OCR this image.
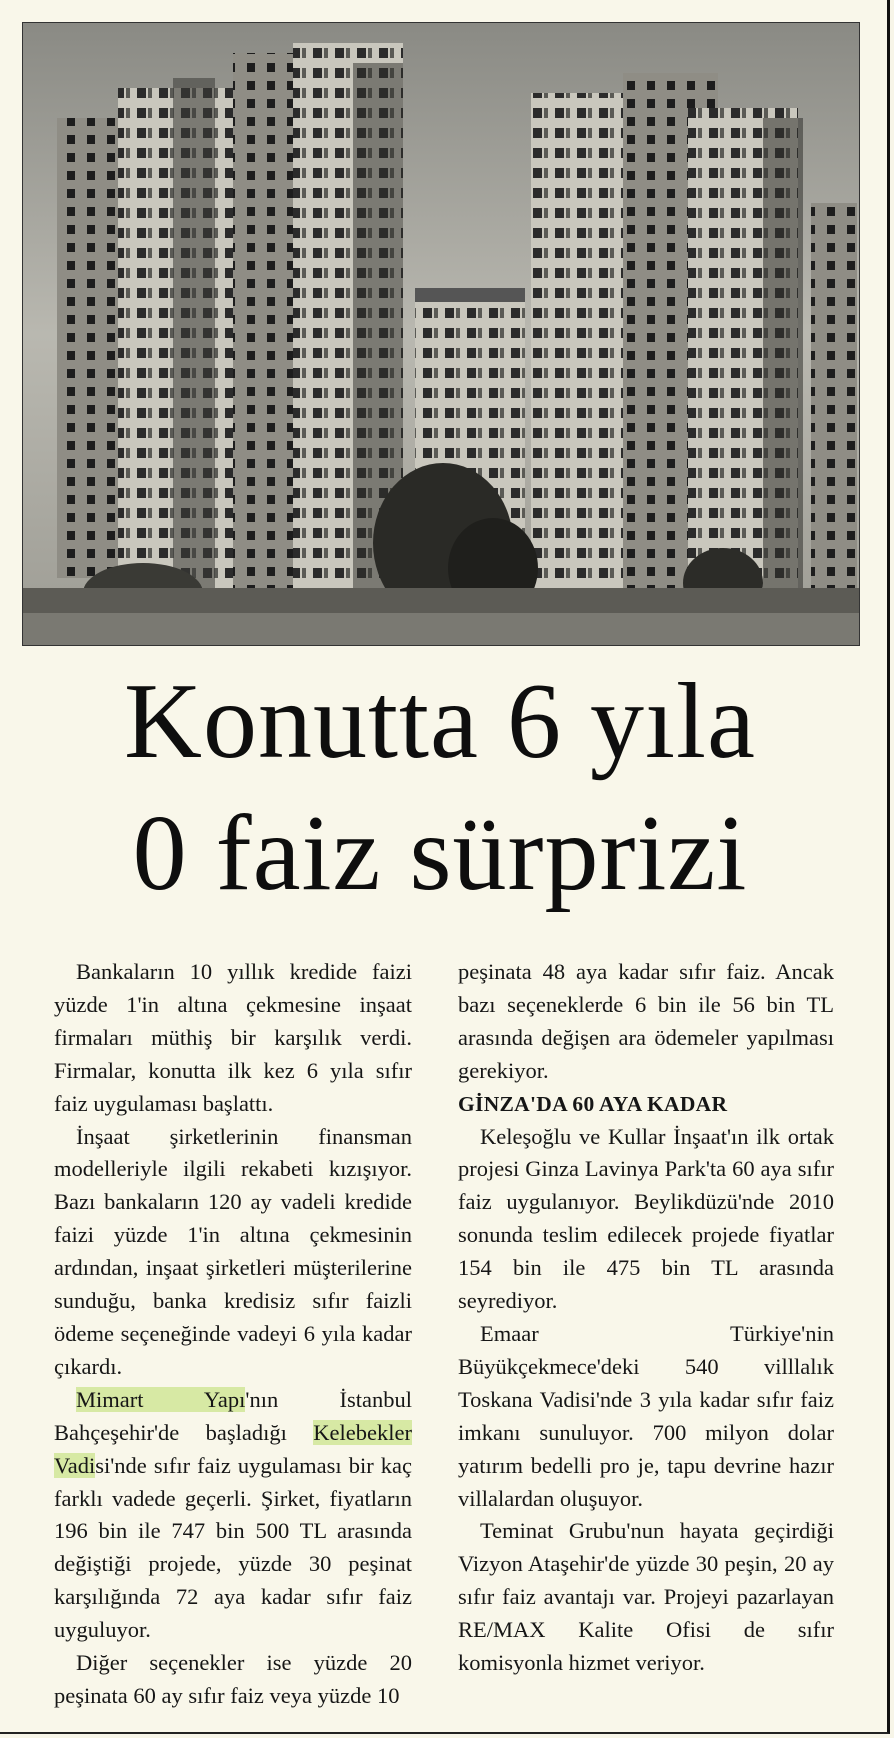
Konutta 6 yıla
0 faiz sürprizi

Bankaların 10 yıllık kredide faizi yüzde 1'in altına çekmesine inşaat firmaları müthiş bir karşılık verdi. Firmalar, konutta ilk kez 6 yıla sıfır faiz uygulaması başlattı.

İnşaat şirketlerinin finansman modelleriyle ilgili rekabeti kızışıyor. Bazı bankaların 120 ay vadeli kredide faizi yüzde 1'in altına çekmesinin ardından, inşaat şirketleri müşterilerine sunduğu, banka kredisiz sıfır faizli ödeme seçeneğinde vadeyi 6 yıla kadar çıkardı.

Mimart Yapı'nın İstanbul Bahçeşehir'de başladığı Kelebekler Vadisi'nde sıfır faiz uygulaması bir kaç farklı vadede geçerli. Şirket, fiyatların 196 bin ile 747 bin 500 TL arasında değiştiği projede, yüzde 30 peşinat karşılığında 72 aya kadar sıfır faiz uyguluyor.

Diğer seçenekler ise yüzde 20 peşinata 60 ay sıfır faiz veya yüzde 10

peşinata 48 aya kadar sıfır faiz. Ancak bazı seçeneklerde 6 bin ile 56 bin TL arasında değişen ara ödemeler yapılması gerekiyor.

GİNZA'DA 60 AYA KADAR

Keleşoğlu ve Kullar İnşaat'ın ilk ortak projesi Ginza Lavinya Park'ta 60 aya sıfır faiz uygulanıyor. Beylikdüzü'nde 2010 sonunda teslim edilecek projede fiyatlar 154 bin ile 475 bin TL arasında seyrediyor.

Emaar Türkiye'nin Büyükçekmece'deki 540 villlalık Toskana Vadisi'nde 3 yıla kadar sıfır faiz imkanı sunuluyor. 700 milyon dolar yatırım bedelli pro je, tapu devrine hazır villalardan oluşuyor.

Teminat Grubu'nun hayata geçirdiği Vizyon Ataşehir'de yüzde 30 peşin, 20 ay sıfır faiz avantajı var. Projeyi pazarlayan RE/MAX Kalite Ofisi de sıfır komisyonla hizmet veriyor.
